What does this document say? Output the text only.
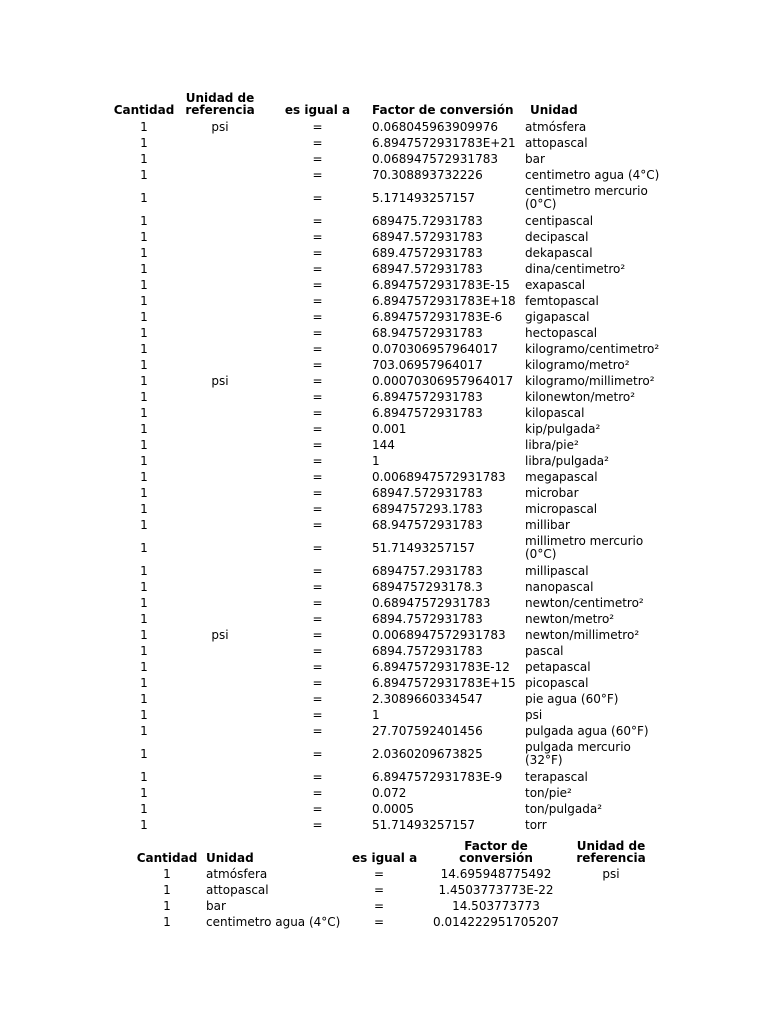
Cantidad	Unidad de referencia	es igual a	Factor de conversión	Unidad
1	psi	=	0.068045963909976	atmósfera
1		=	6.8947572931783E+21	attopascal
1		=	0.068947572931783	bar
1		=	70.308893732226	centimetro agua (4°C)
1		=	5.171493257157	centimetro mercurio (0°C)
1		=	689475.72931783	centipascal
1		=	68947.572931783	decipascal
1		=	689.47572931783	dekapascal
1		=	68947.572931783	dina/centimetro²
1		=	6.8947572931783E-15	exapascal
1		=	6.8947572931783E+18	femtopascal
1		=	6.8947572931783E-6	gigapascal
1		=	68.947572931783	hectopascal
1		=	0.070306957964017	kilogramo/centimetro²
1		=	703.06957964017	kilogramo/metro²
1	psi	=	0.00070306957964017	kilogramo/millimetro²
1		=	6.8947572931783	kilonewton/metro²
1		=	6.8947572931783	kilopascal
1		=	0.001	kip/pulgada²
1		=	144	libra/pie²
1		=	1	libra/pulgada²
1		=	0.0068947572931783	megapascal
1		=	68947.572931783	microbar
1		=	6894757293.1783	micropascal
1		=	68.947572931783	millibar
1		=	51.71493257157	millimetro mercurio (0°C)
1		=	6894757.2931783	millipascal
1		=	6894757293178.3	nanopascal
1		=	0.68947572931783	newton/centimetro²
1		=	6894.7572931783	newton/metro²
1	psi	=	0.0068947572931783	newton/millimetro²
1		=	6894.7572931783	pascal
1		=	6.8947572931783E-12	petapascal
1		=	6.8947572931783E+15	picopascal
1		=	2.3089660334547	pie agua (60°F)
1		=	1	psi
1		=	27.707592401456	pulgada agua (60°F)
1		=	2.0360209673825	pulgada mercurio (32°F)
1		=	6.8947572931783E-9	terapascal
1		=	0.072	ton/pie²
1		=	0.0005	ton/pulgada²
1		=	51.71493257157	torr
Cantidad	Unidad	es igual a	Factor de conversión	Unidad de referencia
1	atmósfera	=	14.695948775492	psi
1	attopascal	=	1.4503773773E-22	
1	bar	=	14.503773773	
1	centimetro agua (4°C)	=	0.014222951705207	
